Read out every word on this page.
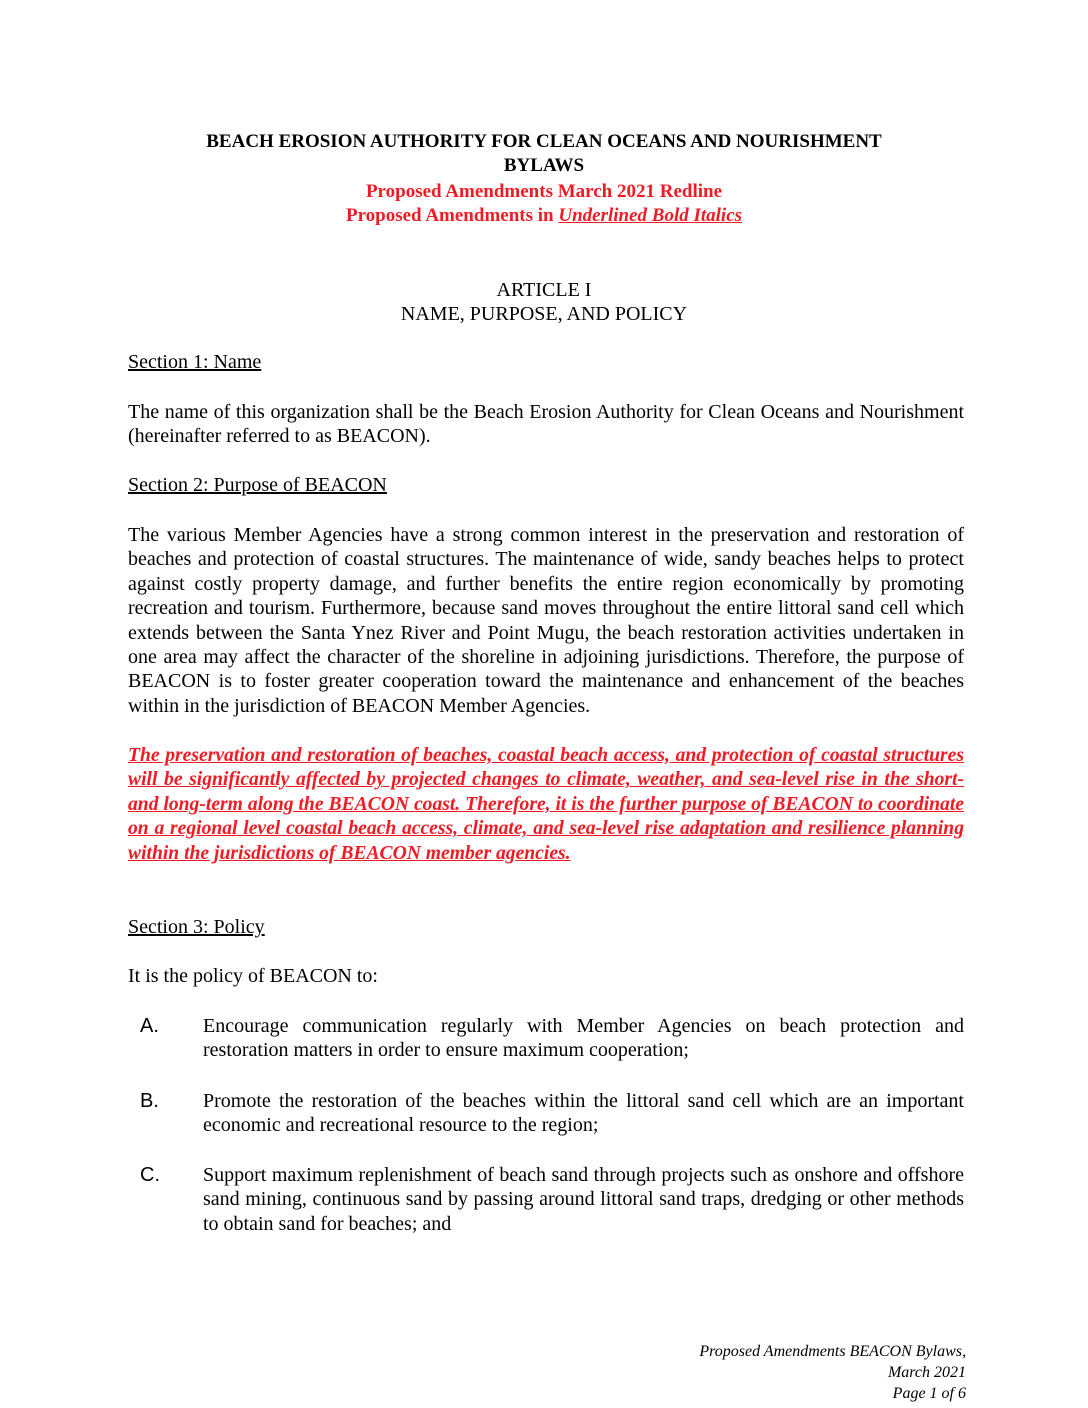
BEACH EROSION AUTHORITY FOR CLEAN OCEANS AND NOURISHMENT
BYLAWS
Proposed Amendments March 2021 Redline
Proposed Amendments in Underlined Bold Italics
ARTICLE I
NAME, PURPOSE, AND POLICY
Section 1: Name
The name of this organization shall be the Beach Erosion Authority for Clean Oceans and Nourishment (hereinafter referred to as BEACON).
Section 2: Purpose of BEACON
The various Member Agencies have a strong common interest in the preservation and restoration of beaches and protection of coastal structures. The maintenance of wide, sandy beaches helps to protect against costly property damage, and further benefits the entire region economically by promoting recreation and tourism. Furthermore, because sand moves throughout the entire littoral sand cell which extends between the Santa Ynez River and Point Mugu, the beach restoration activities undertaken in one area may affect the character of the shoreline in adjoining jurisdictions. Therefore, the purpose of BEACON is to foster greater cooperation toward the maintenance and enhancement of the beaches within in the jurisdiction of BEACON Member Agencies.
The preservation and restoration of beaches, coastal beach access, and protection of coastal structures will be significantly affected by projected changes to climate, weather, and sea-level rise in the short- and long-term along the BEACON coast. Therefore, it is the further purpose of BEACON to coordinate on a regional level coastal beach access, climate, and sea-level rise adaptation and resilience planning within the jurisdictions of BEACON member agencies.
Section 3: Policy
It is the policy of BEACON to:
A. Encourage communication regularly with Member Agencies on beach protection and restoration matters in order to ensure maximum cooperation;
B. Promote the restoration of the beaches within the littoral sand cell which are an important economic and recreational resource to the region;
C. Support maximum replenishment of beach sand through projects such as onshore and offshore sand mining, continuous sand by passing around littoral sand traps, dredging or other methods to obtain sand for beaches; and
Proposed Amendments BEACON Bylaws,
March 2021
Page 1 of 6
